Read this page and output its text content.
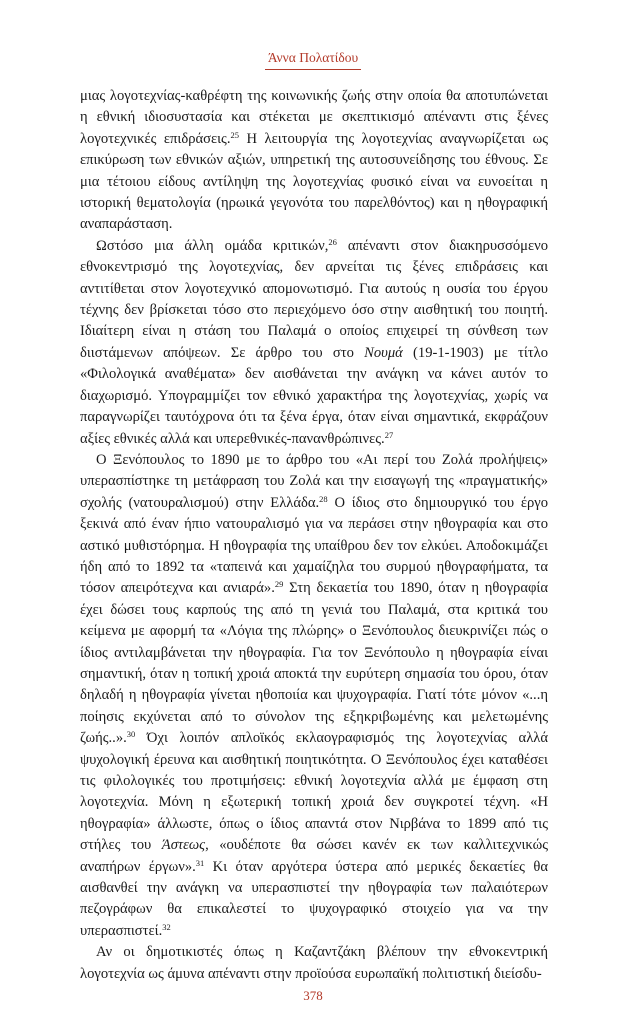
Άννα Πολατίδου

μιας λογοτεχνίας-καθρέφτη της κοινωνικής ζωής στην οποία θα αποτυπώνεται η εθνική ιδιοσυστασία και στέκεται με σκεπτικισμό απέναντι στις ξένες λογοτεχνικές επιδράσεις.$^{25}$ Η λειτουργία της λογοτεχνίας αναγνωρίζεται ως επικύρωση των εθνικών αξιών, υπηρετική της αυτοσυνείδησης του έθνους. Σε μια τέτοιου είδους αντίληψη της λογοτεχνίας φυσικό είναι να ευνοείται η ιστορική θεματολογία (ηρωικά γεγονότα του παρελθόντος) και η ηθογραφική αναπαράσταση.

Ωστόσο μια άλλη ομάδα κριτικών,$^{26}$ απέναντι στον διακηρυσσόμενο εθνοκεντρισμό της λογοτεχνίας, δεν αρνείται τις ξένες επιδράσεις και αντιτίθεται στον λογοτεχνικό απομονωτισμό. Για αυτούς η ουσία του έργου τέχνης δεν βρίσκεται τόσο στο περιεχόμενο όσο στην αισθητική του ποιητή. Ιδιαίτερη είναι η στάση του Παλαμά ο οποίος επιχειρεί τη σύνθεση των διιστάμενων απόψεων. Σε άρθρο του στο Νουμά (19-1-1903) με τίτλο «Φιλολογικά αναθέματα» δεν αισθάνεται την ανάγκη να κάνει αυτόν το διαχωρισμό. Υπογραμμίζει τον εθνικό χαρακτήρα της λογοτεχνίας, χωρίς να παραγνωρίζει ταυτόχρονα ότι τα ξένα έργα, όταν είναι σημαντικά, εκφράζουν αξίες εθνικές αλλά και υπερεθνικές-πανανθρώπινες.$^{27}$

Ο Ξενόπουλος το 1890 με το άρθρο του «Αι περί του Ζολά προλήψεις» υπερασπίστηκε τη μετάφραση του Ζολά και την εισαγωγή της «πραγματικής» σχολής (νατουραλισμού) στην Ελλάδα.$^{28}$ Ο ίδιος στο δημιουργικό του έργο ξεκινά από έναν ήπιο νατουραλισμό για να περάσει στην ηθογραφία και στο αστικό μυθιστόρημα. Η ηθογραφία της υπαίθρου δεν τον ελκύει. Αποδοκιμάζει ήδη από το 1892 τα «ταπεινά και χαμαίζηλα του συρμού ηθογραφήματα, τα τόσον απειρότεχνα και ανιαρά».$^{29}$ Στη δεκαετία του 1890, όταν η ηθογραφία έχει δώσει τους καρπούς της από τη γενιά του Παλαμά, στα κριτικά του κείμενα με αφορμή τα «Λόγια της πλώρης» ο Ξενόπουλος διευκρινίζει πώς ο ίδιος αντιλαμβάνεται την ηθογραφία. Για τον Ξενόπουλο η ηθογραφία είναι σημαντική, όταν η τοπική χροιά αποκτά την ευρύτερη σημασία του όρου, όταν δηλαδή η ηθογραφία γίνεται ηθοποιία και ψυχογραφία. Γιατί τότε μόνον «...η ποίησις εκχύνεται από το σύνολον της εξηκριβωμένης και μελετωμένης ζωής..».$^{30}$ Όχι λοιπόν απλοϊκός εκλαογραφισμός της λογοτεχνίας αλλά ψυχολογική έρευνα και αισθητική ποιητικότητα. Ο Ξενόπουλος έχει καταθέσει τις φιλολογικές του προτιμήσεις: εθνική λογοτεχνία αλλά με έμφαση στη λογοτεχνία. Μόνη η εξωτερική τοπική χροιά δεν συγκροτεί τέχνη. «Η ηθογραφία» άλλωστε, όπως ο ίδιος απαντά στον Νιρβάνα το 1899 από τις στήλες του Άστεως, «ουδέποτε θα σώσει κανέν εκ των καλλιτεχνικώς αναπήρων έργων».$^{31}$ Κι όταν αργότερα ύστερα από μερικές δεκαετίες θα αισθανθεί την ανάγκη να υπερασπιστεί την ηθογραφία των παλαιότερων πεζογράφων θα επικαλεστεί το ψυχογραφικό στοιχείο για να την υπερασπιστεί.$^{32}$

Αν οι δημοτικιστές όπως η Καζαντζάκη βλέπουν την εθνοκεντρική λογοτεχνία ως άμυνα απέναντι στην προϊούσα ευρωπαϊκή πολιτιστική διείσδυ-

378
